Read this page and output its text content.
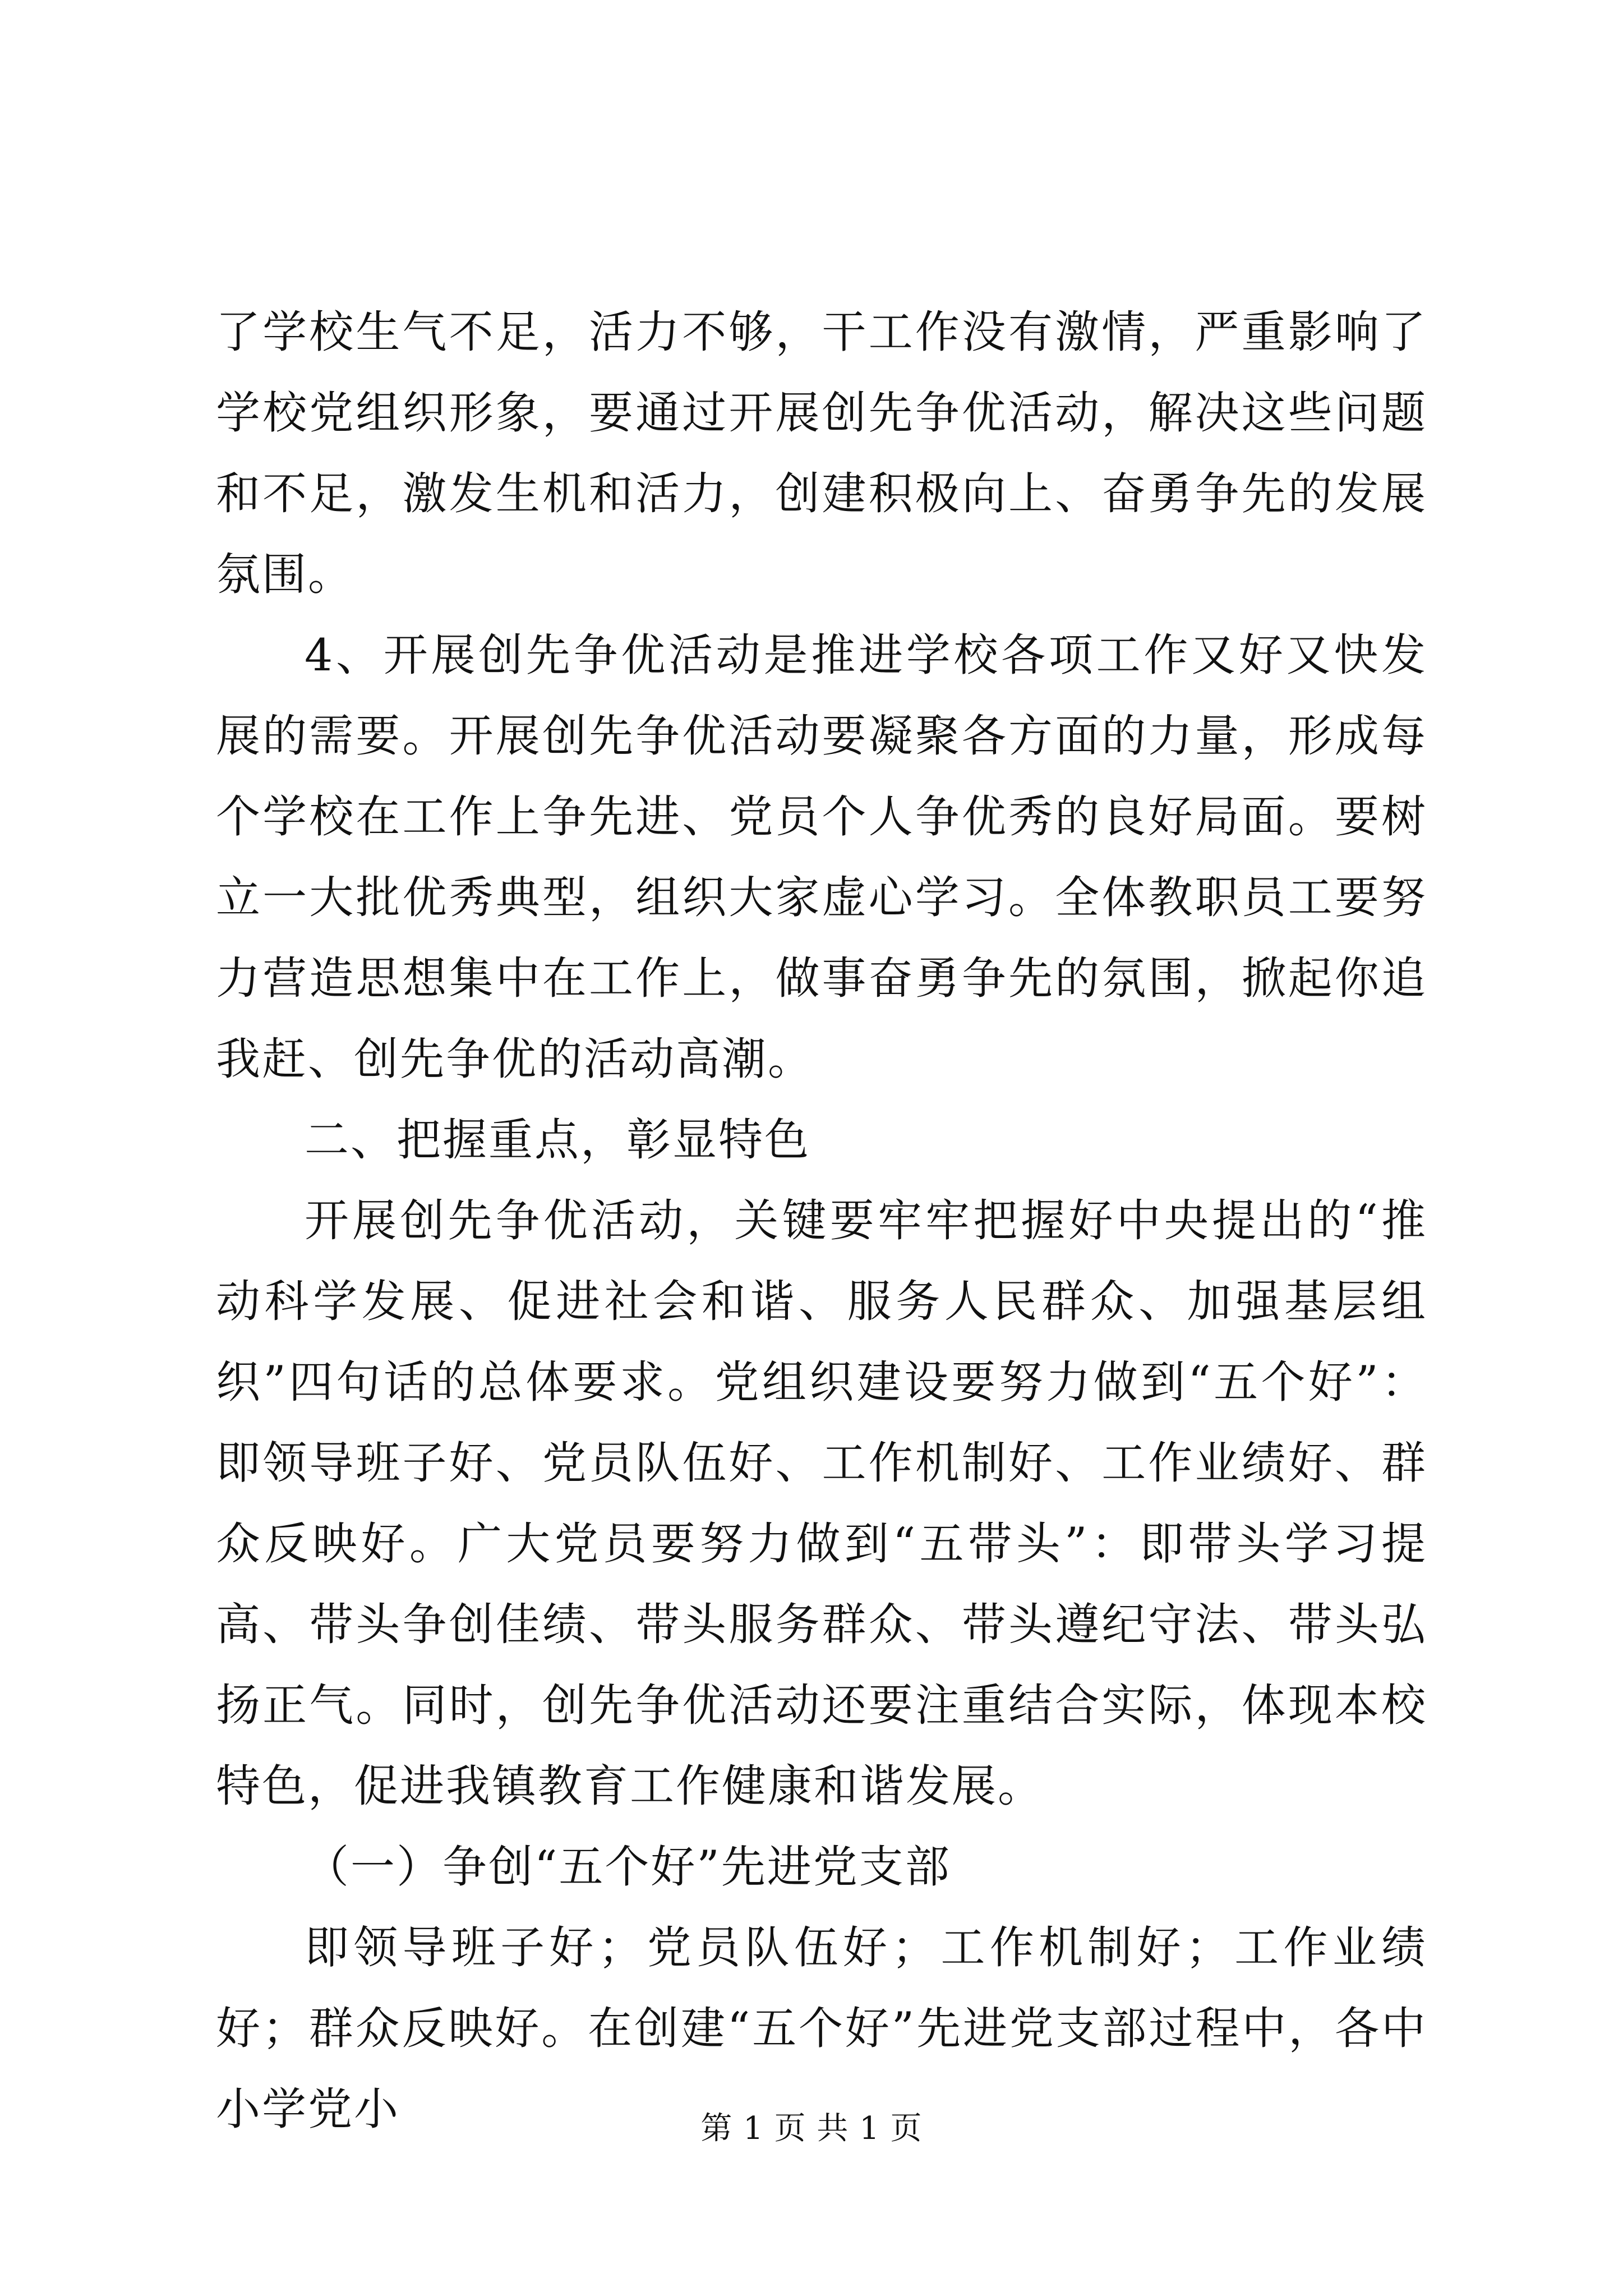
了学校生气不足，活力不够，干工作没有激情，严重影响了学校党组织形象，要通过开展创先争优活动，解决这些问题和不足，激发生机和活力，创建积极向上、奋勇争先的发展氛围。

4、开展创先争优活动是推进学校各项工作又好又快发展的需要。开展创先争优活动要凝聚各方面的力量，形成每个学校在工作上争先进、党员个人争优秀的良好局面。要树立一大批优秀典型，组织大家虚心学习。全体教职员工要努力营造思想集中在工作上，做事奋勇争先的氛围，掀起你追我赶、创先争优的活动高潮。

二、把握重点，彰显特色

开展创先争优活动，关键要牢牢把握好中央提出的“推动科学发展、促进社会和谐、服务人民群众、加强基层组织”四句话的总体要求。党组织建设要努力做到“五个好”：即领导班子好、党员队伍好、工作机制好、工作业绩好、群众反映好。广大党员要努力做到“五带头”：即带头学习提高、带头争创佳绩、带头服务群众、带头遵纪守法、带头弘扬正气。同时，创先争优活动还要注重结合实际，体现本校特色，促进我镇教育工作健康和谐发展。

（一）争创“五个好”先进党支部

即领导班子好；党员队伍好；工作机制好；工作业绩好；群众反映好。在创建“五个好”先进党支部过程中，各中小学党小	第 1 页 共 1 页
